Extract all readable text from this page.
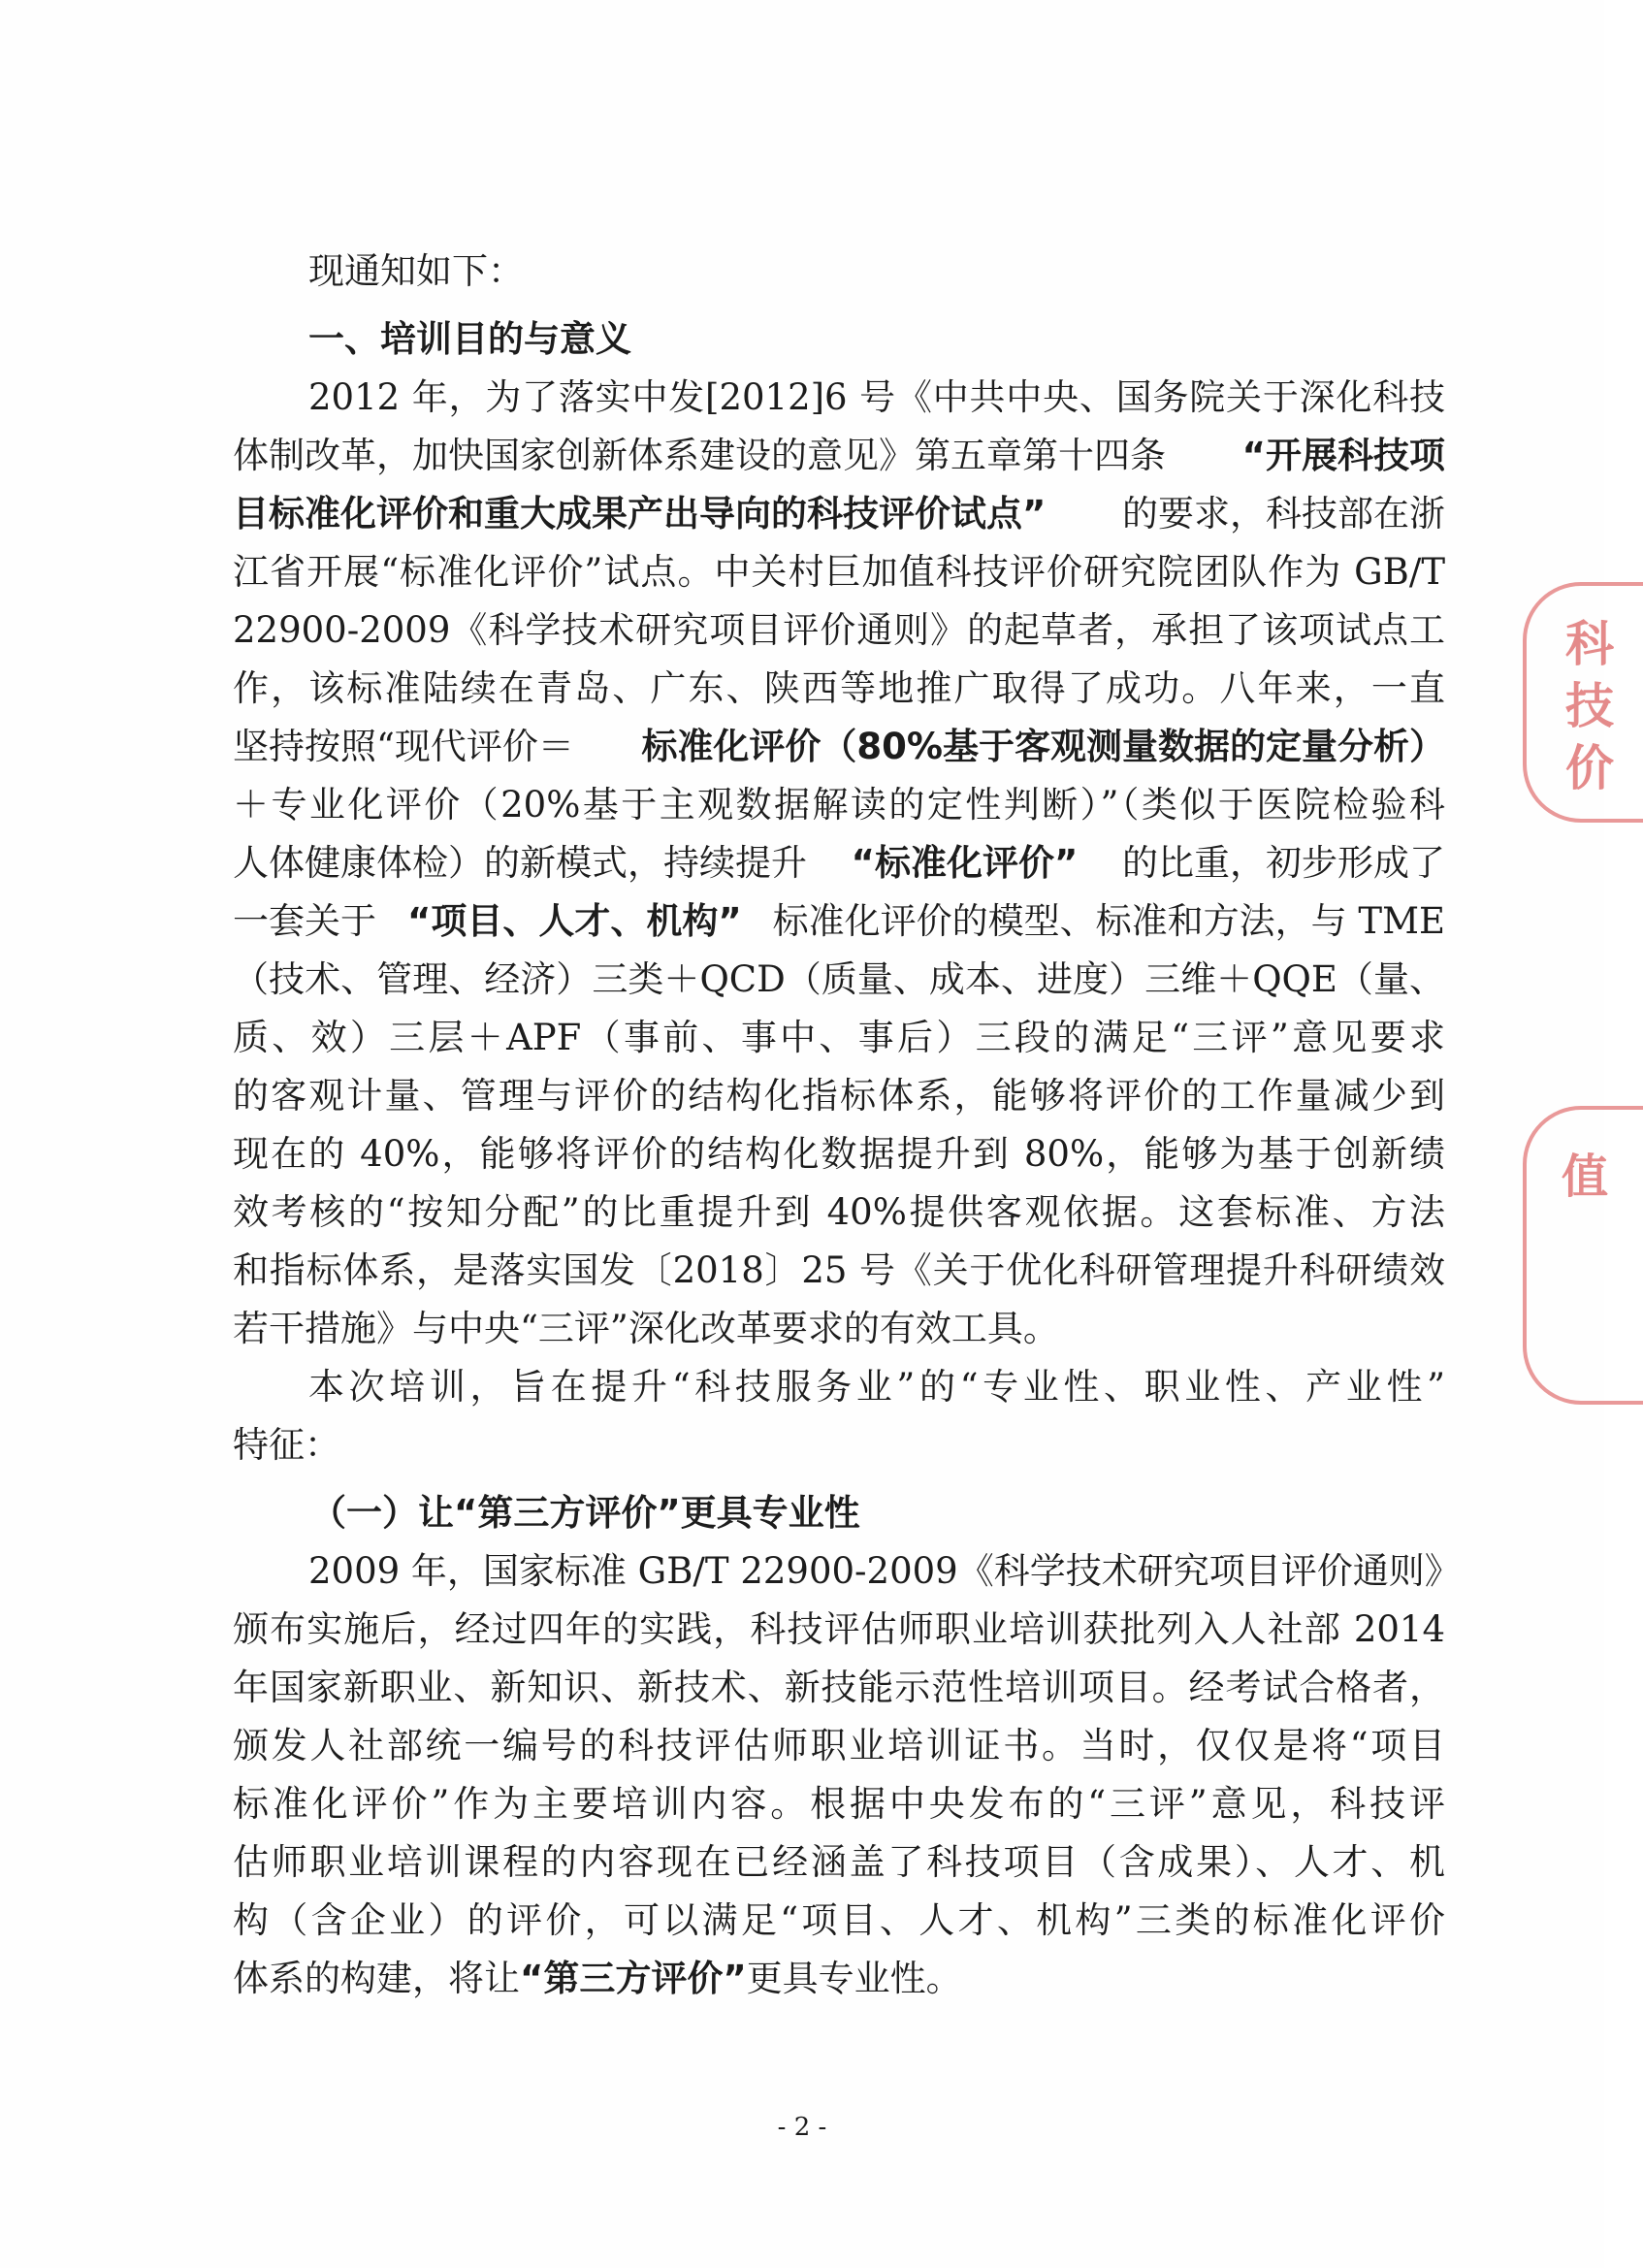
现通知如下：
一、培训目的与意义
2012 年，为了落实中发[2012]6 号《中共中央、国务院关于深化科技
体制改革，加快国家创新体系建设的意见》第五章第十四条 “开展科技项
目标准化评价和重大成果产出导向的科技评价试点” 的要求，科技部在浙
江省开展“标准化评价”试点。中关村巨加值科技评价研究院团队作为 GB/T
22900-2009《科学技术研究项目评价通则》的起草者，承担了该项试点工
作，该标准陆续在青岛、广东、陕西等地推广取得了成功。八年来，一直
坚持按照“现代评价＝ 标准化评价（80%基于客观测量数据的定量分析）
＋专业化评价（20%基于主观数据解读的定性判断）”（类似于医院检验科
人体健康体检）的新模式，持续提升 “标准化评价” 的比重，初步形成了
一套关于 “项目、人才、机构” 标准化评价的模型、标准和方法，与 TME
（技术、管理、经济）三类＋QCD（质量、成本、进度）三维＋QQE（量、
质、效）三层＋APF（事前、事中、事后）三段的满足“三评”意见要求
的客观计量、管理与评价的结构化指标体系，能够将评价的工作量减少到
现在的 40%，能够将评价的结构化数据提升到 80%，能够为基于创新绩
效考核的“按知分配”的比重提升到 40%提供客观依据。这套标准、方法
和指标体系，是落实国发〔2018〕25 号《关于优化科研管理提升科研绩效
若干措施》与中央“三评”深化改革要求的有效工具。
本次培训，旨在提升“科技服务业”的“专业性、职业性、产业性”
特征：
（一）让“第三方评价”更具专业性
2009 年，国家标准 GB/T 22900-2009《科学技术研究项目评价通则》
颁布实施后，经过四年的实践，科技评估师职业培训获批列入人社部 2014
年国家新职业、新知识、新技术、新技能示范性培训项目。经考试合格者，
颁发人社部统一编号的科技评估师职业培训证书。当时，仅仅是将“项目
标准化评价”作为主要培训内容。根据中央发布的“三评”意见，科技评
估师职业培训课程的内容现在已经涵盖了科技项目（含成果）、人才、机
构（含企业）的评价，可以满足“项目、人才、机构”三类的标准化评价
体系的构建，将让“第三方评价”更具专业性。
科
技
价
值
- 2 -
